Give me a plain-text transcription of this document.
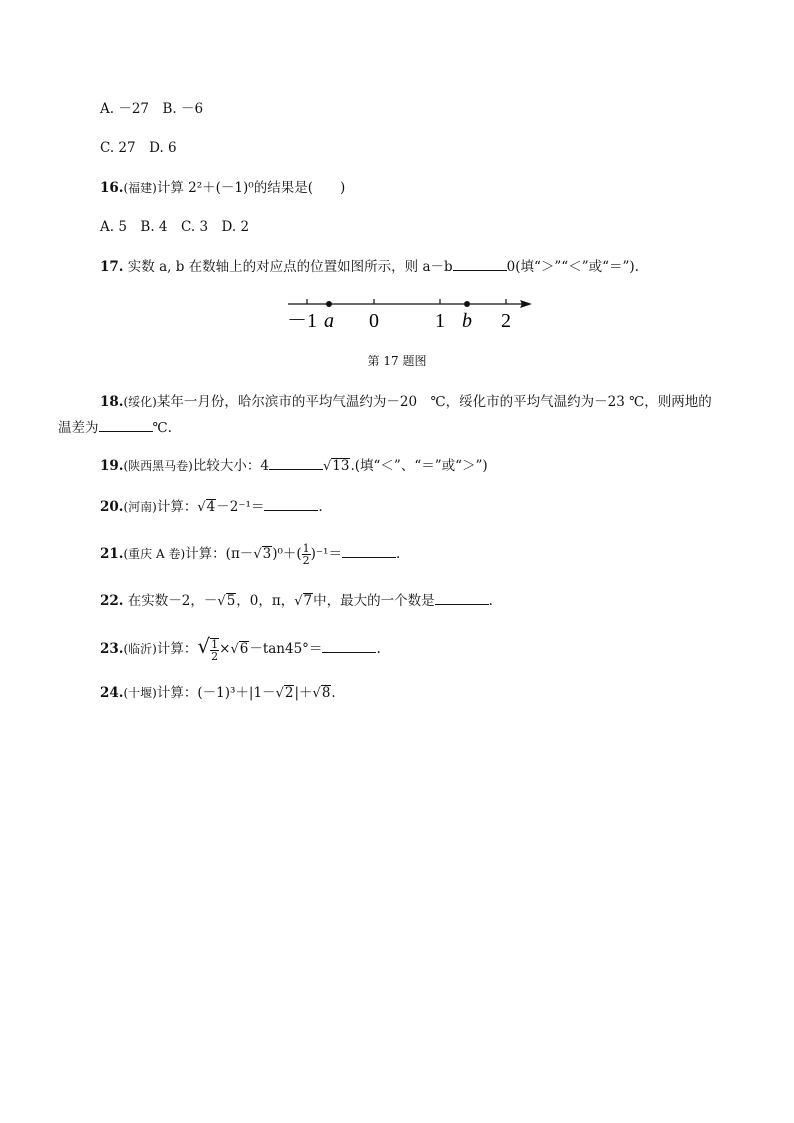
A. －27　B. －6
C. 27　D. 6
16.(福建)计算 2²＋(－1)⁰的结果是(　　)
A. 5　B. 4　C. 3　D. 2
17. 实数 a, b 在数轴上的对应点的位置如图所示，则 a－b	0(填“＞”“＜”或“＝”).
－1 a 0	1 b 2
第 17 题图
18.(绥化)某年一月份，哈尔滨市的平均气温约为－20　℃，绥化市的平均气温约为－23 ℃，则两地的
温差为	℃.
19.(陕西黑马卷)比较大小：4	√13.(填“＜”、“＝”或“＞”)
20.(河南)计算：√4－2⁻¹＝	.
21.(重庆 A 卷)计算：$(\pi-√3)^0+( \frac{1}{2} )^{-1}=$	.
22. 在实数－2，－√5，0，π，√7中，最大的一个数是	.
23.(临沂)计算：√ $\frac{1}{2} \times√6-\tan 45^\circ=$	.
24.(十堰)计算：(－1)³＋|1－√2|＋√8.
